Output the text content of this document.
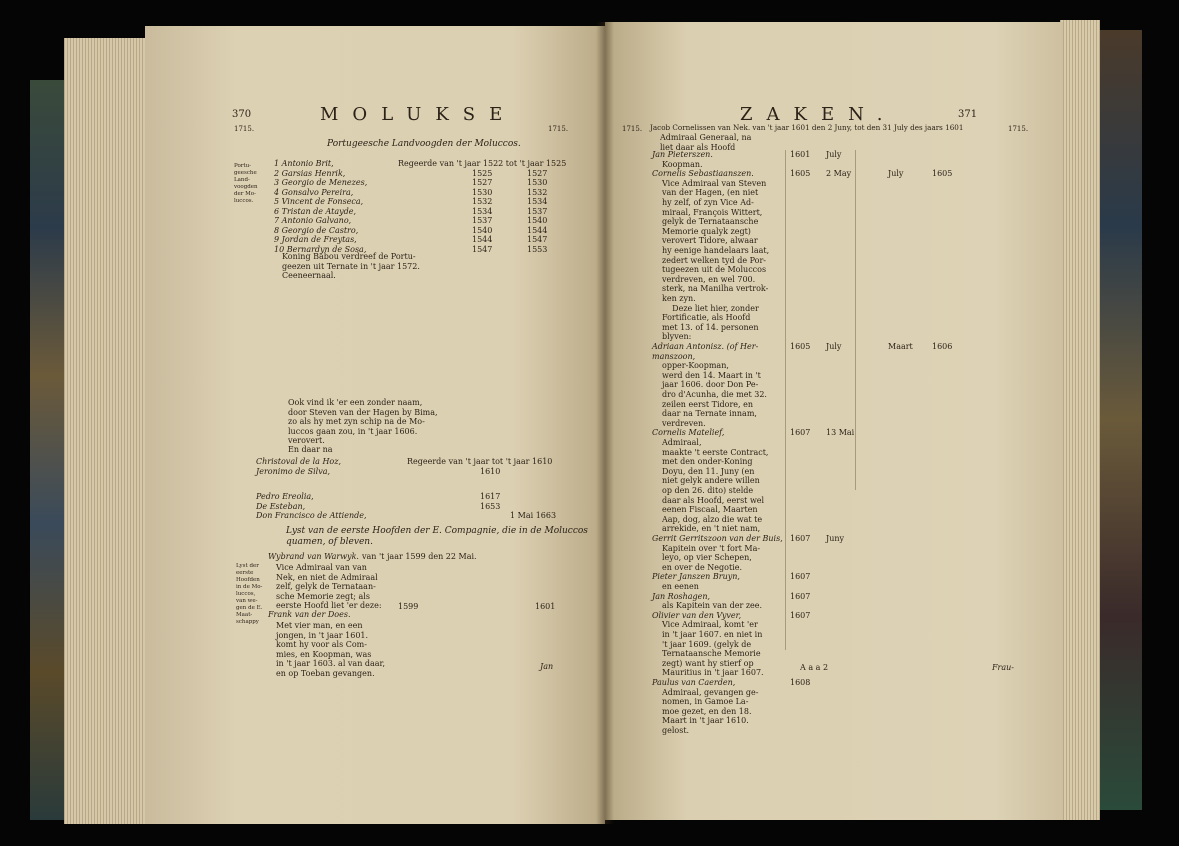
370	MOLUKSE
1715.	1715.
Portugeesche Landvoogden der Moluccos.
Portu-
geesche
Land-
voogden
der Mo-
luccos.
Regeerde van 't jaar 1522 tot 't jaar 1525
1 Antonio Brit,
2 Garsias Henrik,	1525	1527
3 Georgio de Menezes,	1527	1530
4 Gonsalvo Pereira,	1530	1532
5 Vincent de Fonseca,	1532	1534
6 Tristan de Atayde,	1534	1537
7 Antonio Galvano,	1537	1540
8 Georgio de Castro,	1540	1544
9 Jordan de Freytas,	1544	1547
10 Bernardyn de Sosa,	1547	1553
Koning Babou verdreef de Portu-
geezen uit Ternate in 't jaar 1572.
Ceeneernaal.
Ook vind ik 'er een zonder naam,
door Steven van der Hagen by Bima,
zo als hy met zyn schip na de Mo-
luccos gaan zou, in 't jaar 1606.
verovert.
En daar na
Regeerde van 't jaar tot 't jaar 1610
Christoval de la Hoz,
Jeronimo de Silva,	1610
Pedro Ereolia,	1617
De Esteban,	1653
Don Francisco de Attiende,	1 Mai 1663
Lyst van de eerste Hoofden der E. Compagnie, die in de Moluccos
quamen, of bleven.
Lyst der
eerste
Hoofden
in de Mo-
luccos,
van we-
gen de E.
Maat-
schappy
Wybrand van Warwyk. van 't jaar 1599 den 22 Mai.
Vice Admiraal van van
Nek, en niet de Admiraal
zelf, gelyk de Ternataan-
sche Memorie zegt; als
eerste Hoofd liet 'er deze:
Frank van der Does.
1599	1601
Met vier man, en een
jongen, in 't jaar 1601.
komt hy voor als Com-
mies, en Koopman, was
in 't jaar 1603. al van daar,
en op Toeban gevangen.
Jan
ZAKEN.	371
1715.	1715.
Jacob Cornelissen van Nek. van 't jaar 1601 den 2 Juny, tot den 31 July des jaars 1601
Admiraal Generaal, na
liet daar als Hoofd
Jan Pieterszen.	1601 July
Koopman.
Cornelis Sebastiaanszen.	1605 2 May	July	1605
Vice Admiraal van Steven
van der Hagen, (en niet
hy zelf, of zyn Vice Ad-
miraal, François Wittert,
gelyk de Ternataansche
Memorie qualyk zegt)
verovert Tidore, alwaar
hy eenige handelaars laat,
zedert welken tyd de Por-
tugeezen uit de Moluccos
verdreven, en wel 700.
sterk, na Manilha vertrok-
ken zyn.
Deze liet hier, zonder
Fortificatie, als Hoofd
met 13. of 14. personen
blyven:
Adriaan Antonisz. (of Her-
manszoon,
1605 July	Maart 1606
opper-Koopman,
werd den 14. Maart in 't
jaar 1606. door Don Pe-
dro d'Acunha, die met 32.
zeilen eerst Tidore, en
daar na Ternate innam,
verdreven.
Cornelis Matelief,	1607 13 Mai
Admiraal,
maakte 't eerste Contract,
met den onder-Koning
Doyu, den 11. Juny (en
niet gelyk andere willen
op den 26. dito) stelde
daar als Hoofd, eerst wel
eenen Fiscaal, Maarten
Aap, dog, alzo die wat te
arrekide, en 't niet nam,
Gerrit Gerritszoon van der Buis, 1607 Juny
Kapitein over 't fort Ma-
leyo, op vier Schepen,
en over de Negotie.
Pieter Janszen Bruyn,	1607
en eenen
Jan Roshagen,	1607
als Kapitein van der zee.
Olivier van den Vyver,	1607
Vice Admiraal, komt 'er
in 't jaar 1607. en niet in
't jaar 1609. (gelyk de
Ternataansche Memorie
zegt) want hy stierf op
Mauritius in 't jaar 1607.
Paulus van Caerden,	1608
Admiraal, gevangen ge-
nomen, in Gamoe La-
moe gezet, en den 18.
Maart in 't jaar 1610.
gelost.
A a a 2	Frau-
